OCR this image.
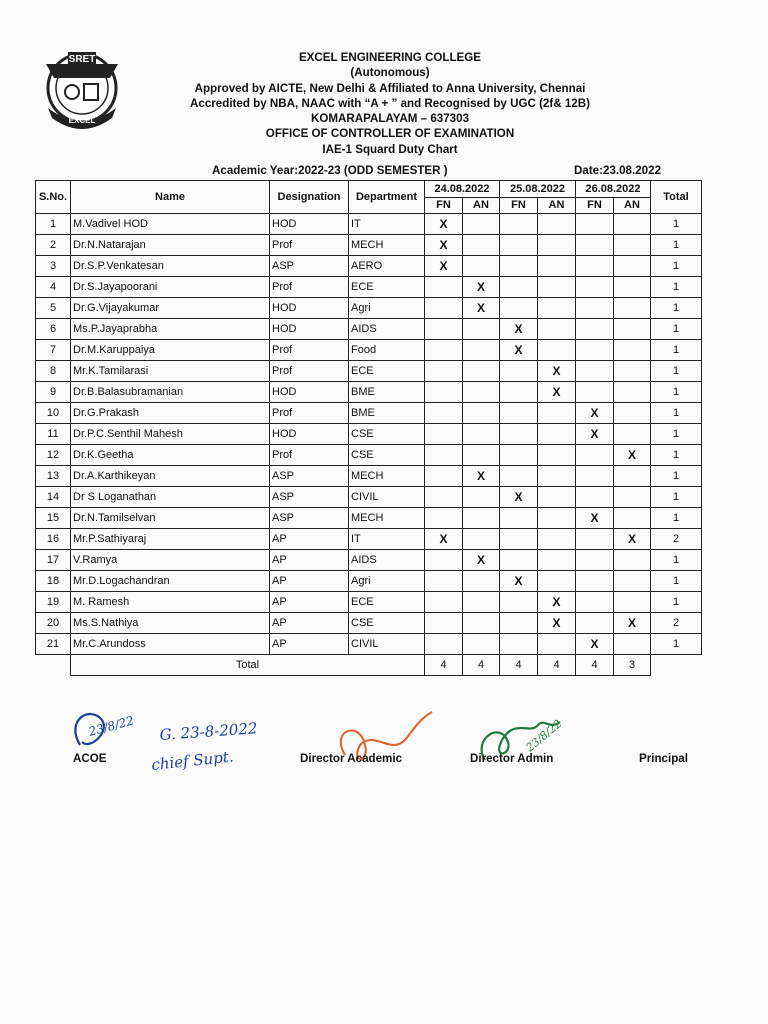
SRET
EXCEL
EXCEL ENGINEERING COLLEGE
(Autonomous)
Approved by AICTE, New Delhi & Affiliated to Anna University, Chennai
Accredited by NBA, NAAC with “A + ” and Recognised by UGC (2f& 12B)
KOMARAPALAYAM – 637303
OFFICE OF CONTROLLER OF EXAMINATION
IAE-1 Squard Duty Chart
Academic Year:2022-23 (ODD SEMESTER )	Date:23.08.2022
S.No.	Name	Designation	Department	24.08.2022		25.08.2022		26.08.2022		Total
				FN	AN	FN	AN	FN	AN	
1	M.Vadivel HOD	HOD	IT	X						1
2	Dr.N.Natarajan	Prof	MECH	X						1
3	Dr.S.P.Venkatesan	ASP	AERO	X						1
4	Dr.S.Jayapoorani	Prof	ECE		X					1
5	Dr.G.Vijayakumar	HOD	Agri		X					1
6	Ms.P.Jayaprabha	HOD	AIDS			X				1
7	Dr.M.Karuppaiya	Prof	Food			X				1
8	Mr.K.Tamilarasi	Prof	ECE				X			1
9	Dr.B.Balasubramanian	HOD	BME				X			1
10	Dr.G.Prakash	Prof	BME					X		1
11	Dr.P.C.Senthil Mahesh	HOD	CSE					X		1
12	Dr.K.Geetha	Prof	CSE						X	1
13	Dr.A.Karthikeyan	ASP	MECH		X					1
14	Dr S Loganathan	ASP	CIVIL			X				1
15	Dr.N.Tamilselvan	ASP	MECH					X		1
16	Mr.P.Sathiyaraj	AP	IT	X					X	2
17	V.Ramya	AP	AIDS		X					1
18	Mr.D.Logachandran	AP	Agri			X				1
19	M. Ramesh	AP	ECE				X			1
20	Ms.S.Nathiya	AP	CSE				X		X	2
21	Mr.C.Arundoss	AP	CIVIL					X		1
	Total			4	4	4	4	4	3	
23/8/22 G. 23-8-2022
chief Supt.
23/8/22
ACOE	Director Academic	Director Admin	Principal
